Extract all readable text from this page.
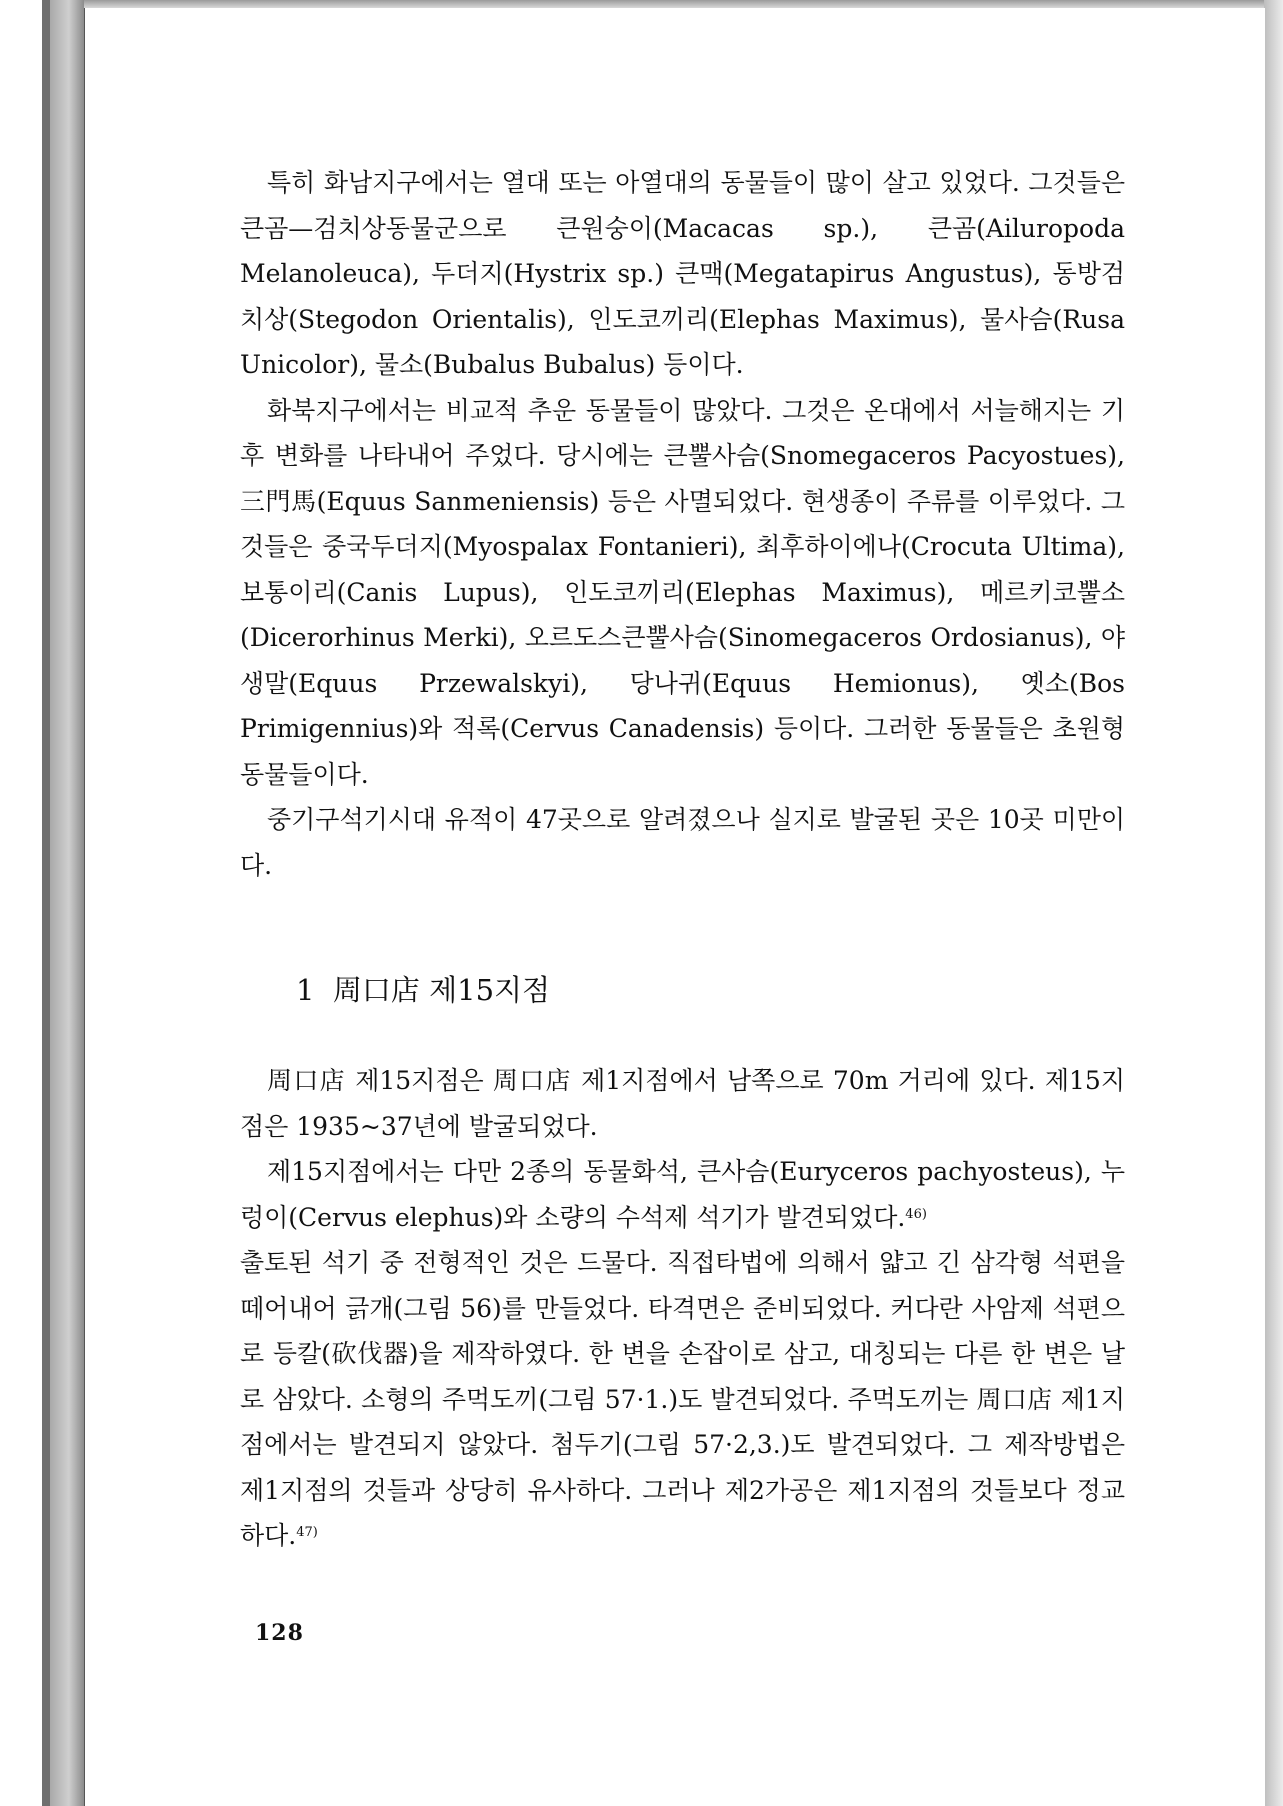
특히 화남지구에서는 열대 또는 아열대의 동물들이 많이 살고 있었다. 그것들은 큰곰—검치상동물군으로 큰원숭이(Macacas sp.), 큰곰(Ailuropoda Melanoleuca), 두더지(Hystrix sp.) 큰맥(Megatapirus Angustus), 동방검치상(Stegodon Orientalis), 인도코끼리(Elephas Maximus), 물사슴(Rusa Unicolor), 물소(Bubalus Bubalus) 등이다.

화북지구에서는 비교적 추운 동물들이 많았다. 그것은 온대에서 서늘해지는 기후 변화를 나타내어 주었다. 당시에는 큰뿔사슴(Snomegaceros Pacyostues), 三門馬(Equus Sanmeniensis) 등은 사멸되었다. 현생종이 주류를 이루었다. 그것들은 중국두더지(Myospalax Fontanieri), 최후하이에나(Crocuta Ultima), 보통이리(Canis Lupus), 인도코끼리(Elephas Maximus), 메르키코뿔소(Dicerorhinus Merki), 오르도스큰뿔사슴(Sinomegaceros Ordosianus), 야생말(Equus Przewalskyi), 당나귀(Equus Hemionus), 옛소(Bos Primigennius)와 적록(Cervus Canadensis) 등이다. 그러한 동물들은 초원형 동물들이다.

중기구석기시대 유적이 47곳으로 알려졌으나 실지로 발굴된 곳은 10곳 미만이다.

1  周口店 제15지점

周口店 제15지점은 周口店 제1지점에서 남쪽으로 70m 거리에 있다. 제15지점은 1935~37년에 발굴되었다.

제15지점에서는 다만 2종의 동물화석, 큰사슴(Euryceros pachyosteus), 누렁이(Cervus elephus)와 소량의 수석제 석기가 발견되었다.$^{46)}$

출토된 석기 중 전형적인 것은 드물다. 직접타법에 의해서 얇고 긴 삼각형 석편을 떼어내어 긁개(그림 56)를 만들었다. 타격면은 준비되었다. 커다란 사암제 석편으로 등칼(砍伐器)을 제작하였다. 한 변을 손잡이로 삼고, 대칭되는 다른 한 변은 날로 삼았다. 소형의 주먹도끼(그림 57·1.)도 발견되었다. 주먹도끼는 周口店 제1지점에서는 발견되지 않았다. 첨두기(그림 57·2,3.)도 발견되었다. 그 제작방법은 제1지점의 것들과 상당히 유사하다. 그러나 제2가공은 제1지점의 것들보다 정교하다.$^{47)}$

128
